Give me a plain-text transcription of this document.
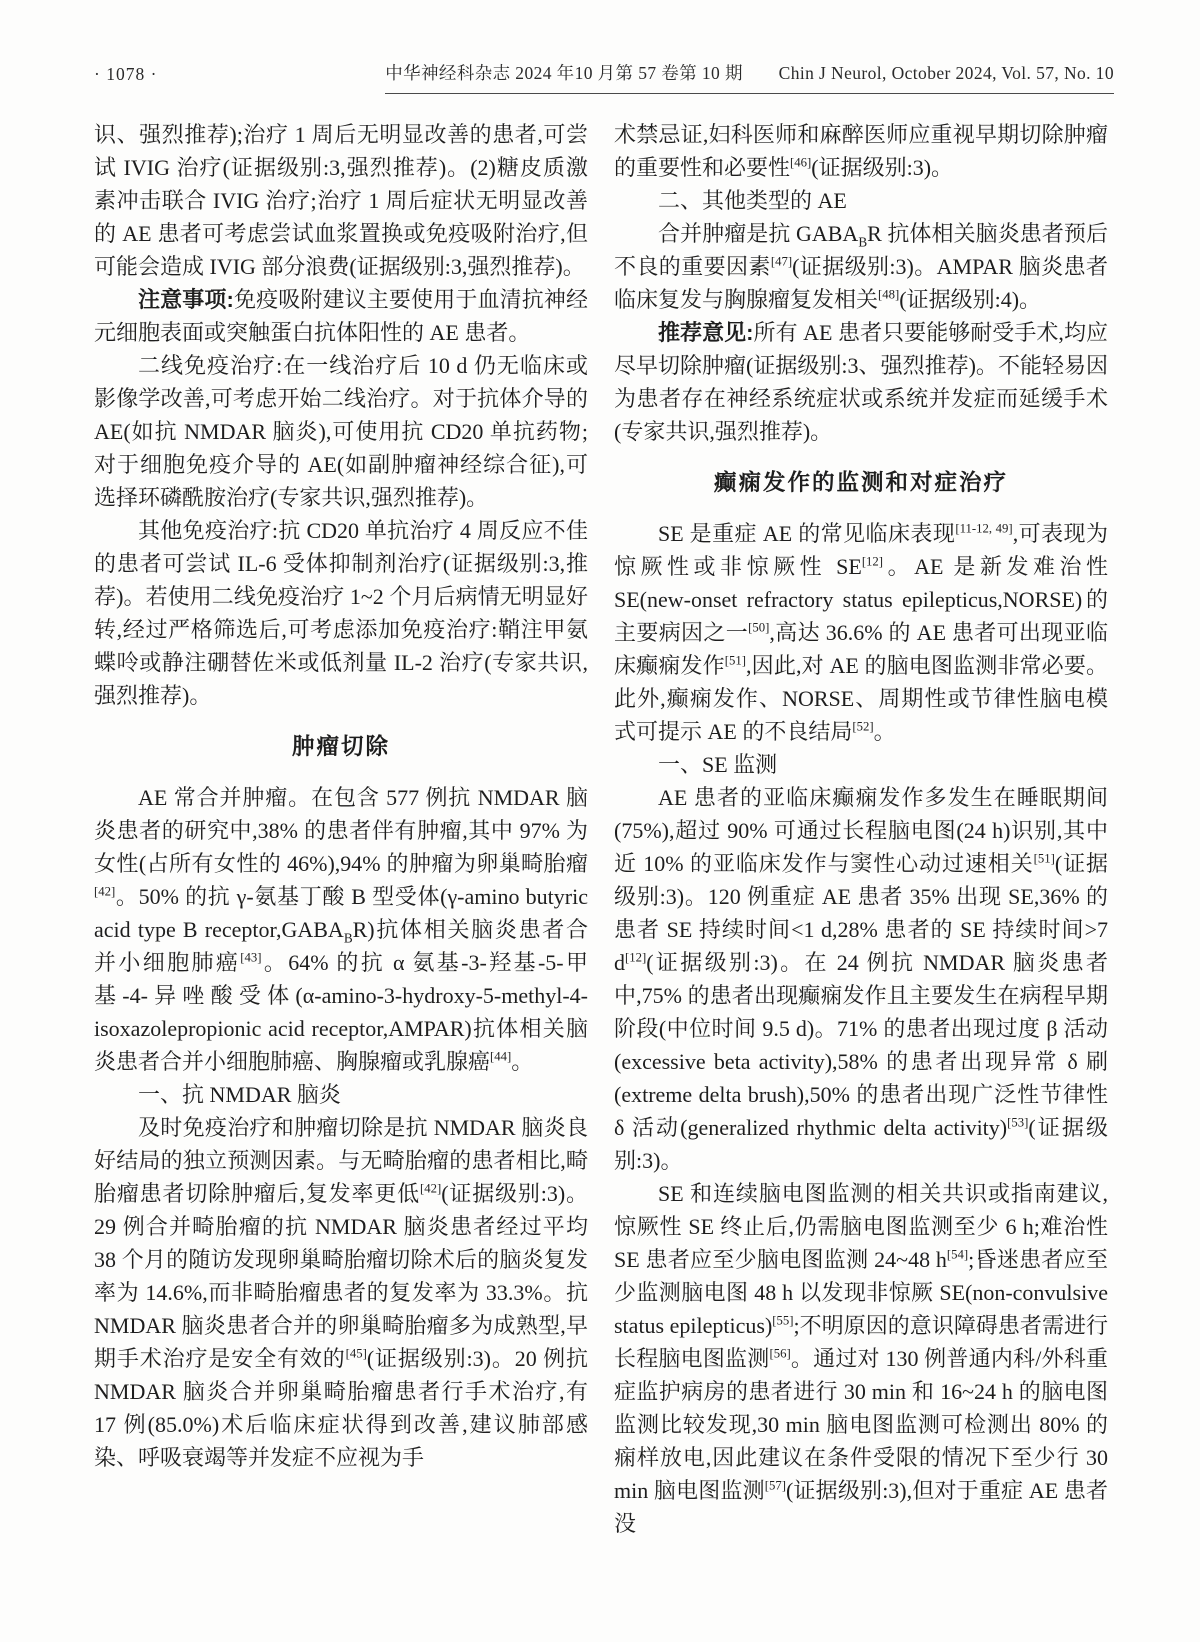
· 1078 ·	中华神经科杂志 2024 年10 月第 57 卷第 10 期　　Chin J Neurol, October 2024, Vol. 57, No. 10
识、强烈推荐);治疗 1 周后无明显改善的患者,可尝试 IVIG 治疗(证据级别:3,强烈推荐)。(2)糖皮质激素冲击联合 IVIG 治疗;治疗 1 周后症状无明显改善的 AE 患者可考虑尝试血浆置换或免疫吸附治疗,但可能会造成 IVIG 部分浪费(证据级别:3,强烈推荐)。
注意事项:免疫吸附建议主要使用于血清抗神经元细胞表面或突触蛋白抗体阳性的 AE 患者。
二线免疫治疗:在一线治疗后 10 d 仍无临床或影像学改善,可考虑开始二线治疗。对于抗体介导的 AE(如抗 NMDAR 脑炎),可使用抗 CD20 单抗药物;对于细胞免疫介导的 AE(如副肿瘤神经综合征),可选择环磷酰胺治疗(专家共识,强烈推荐)。
其他免疫治疗:抗 CD20 单抗治疗 4 周反应不佳的患者可尝试 IL-6 受体抑制剂治疗(证据级别:3,推荐)。若使用二线免疫治疗 1~2 个月后病情无明显好转,经过严格筛选后,可考虑添加免疫治疗:鞘注甲氨蝶呤或静注硼替佐米或低剂量 IL-2 治疗(专家共识,强烈推荐)。
肿瘤切除
AE 常合并肿瘤。在包含 577 例抗 NMDAR 脑炎患者的研究中,38% 的患者伴有肿瘤,其中 97% 为女性(占所有女性的 46%),94% 的肿瘤为卵巢畸胎瘤[42]。50% 的抗 γ-氨基丁酸 B 型受体(γ-amino butyric acid type B $receptor,GABA_BR$)抗体相关脑炎患者合并小细胞肺癌[43]。64% 的抗 α 氨基-3-羟基-5-甲基-4-异唑酸受体(α-amino-3-hydroxy-5-methyl-4-isoxazolepropionic acid receptor,AMPAR)抗体相关脑炎患者合并小细胞肺癌、胸腺瘤或乳腺癌[44]。
一、抗 NMDAR 脑炎
及时免疫治疗和肿瘤切除是抗 NMDAR 脑炎良好结局的独立预测因素。与无畸胎瘤的患者相比,畸胎瘤患者切除肿瘤后,复发率更低[42](证据级别:3)。29 例合并畸胎瘤的抗 NMDAR 脑炎患者经过平均 38 个月的随访发现卵巢畸胎瘤切除术后的脑炎复发率为 14.6%,而非畸胎瘤患者的复发率为 33.3%。抗 NMDAR 脑炎患者合并的卵巢畸胎瘤多为成熟型,早期手术治疗是安全有效的[45](证据级别:3)。20 例抗 NMDAR 脑炎合并卵巢畸胎瘤患者行手术治疗,有 17 例(85.0%)术后临床症状得到改善,建议肺部感染、呼吸衰竭等并发症不应视为手
术禁忌证,妇科医师和麻醉医师应重视早期切除肿瘤的重要性和必要性[46](证据级别:3)。
二、其他类型的 AE
合并肿瘤是抗 $GABA_BR$ 抗体相关脑炎患者预后不良的重要因素[47](证据级别:3)。AMPAR 脑炎患者临床复发与胸腺瘤复发相关[48](证据级别:4)。
推荐意见:所有 AE 患者只要能够耐受手术,均应尽早切除肿瘤(证据级别:3、强烈推荐)。不能轻易因为患者存在神经系统症状或系统并发症而延缓手术(专家共识,强烈推荐)。
癫痫发作的监测和对症治疗
SE 是重症 AE 的常见临床表现[11-12, 49],可表现为惊厥性或非惊厥性 SE[12]。AE 是新发难治性 SE(new-onset refractory status epilepticus,NORSE)的主要病因之一[50],高达 36.6% 的 AE 患者可出现亚临床癫痫发作[51],因此,对 AE 的脑电图监测非常必要。此外,癫痫发作、NORSE、周期性或节律性脑电模式可提示 AE 的不良结局[52]。
一、SE 监测
AE 患者的亚临床癫痫发作多发生在睡眠期间(75%),超过 90% 可通过长程脑电图(24 h)识别,其中近 10% 的亚临床发作与窦性心动过速相关[51](证据级别:3)。120 例重症 AE 患者 35% 出现 SE,36% 的患者 SE 持续时间<1 d,28% 患者的 SE 持续时间>7 d[12](证据级别:3)。在 24 例抗 NMDAR 脑炎患者中,75% 的患者出现癫痫发作且主要发生在病程早期阶段(中位时间 9.5 d)。71% 的患者出现过度 β 活动(excessive beta activity),58% 的患者出现异常 δ 刷(extreme delta brush),50% 的患者出现广泛性节律性 δ 活动(generalized rhythmic delta activity)[53](证据级别:3)。
SE 和连续脑电图监测的相关共识或指南建议,惊厥性 SE 终止后,仍需脑电图监测至少 6 h;难治性 SE 患者应至少脑电图监测 24~48 h[54];昏迷患者应至少监测脑电图 48 h 以发现非惊厥 SE(non-convulsive status epilepticus)[55];不明原因的意识障碍患者需进行长程脑电图监测[56]。通过对 130 例普通内科/外科重症监护病房的患者进行 30 min 和 16~24 h 的脑电图监测比较发现,30 min 脑电图监测可检测出 80% 的痫样放电,因此建议在条件受限的情况下至少行 30 min 脑电图监测[57](证据级别:3),但对于重症 AE 患者没
